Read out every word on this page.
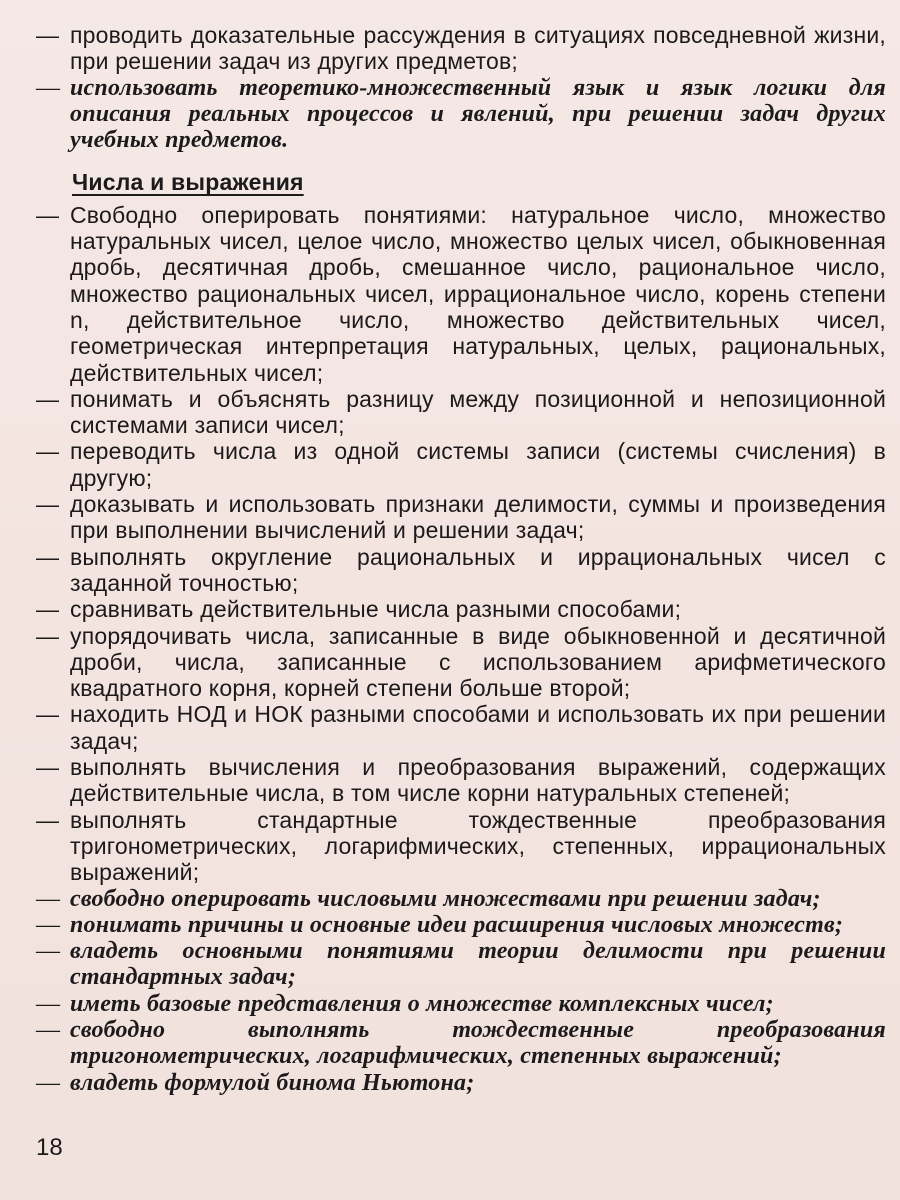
— проводить доказательные рассуждения в ситуациях повседневной жизни, при решении задач из других предметов;

— использовать теоретико-множественный язык и язык логики для описания реальных процессов и явлений, при решении задач других учебных предметов.

Числа и выражения

— Свободно оперировать понятиями: натуральное число, множество натуральных чисел, целое число, множество целых чисел, обыкновенная дробь, десятичная дробь, смешанное число, рациональное число, множество рациональных чисел, иррациональное число, корень степени n, действительное число, множество действительных чисел, геометрическая интерпретация натуральных, целых, рациональных, действительных чисел;

— понимать и объяснять разницу между позиционной и непозиционной системами записи чисел;

— переводить числа из одной системы записи (системы счисления) в другую;

— доказывать и использовать признаки делимости, суммы и произведения при выполнении вычислений и решении задач;

— выполнять округление рациональных и иррациональных чисел с заданной точностью;

— сравнивать действительные числа разными способами;

— упорядочивать числа, записанные в виде обыкновенной и десятичной дроби, числа, записанные с использованием арифметического квадратного корня, корней степени больше второй;

— находить НОД и НОК разными способами и использовать их при решении задач;

— выполнять вычисления и преобразования выражений, содержащих действительные числа, в том числе корни натуральных степеней;

— выполнять стандартные тождественные преобразования тригонометрических, логарифмических, степенных, иррациональных выражений;

— свободно оперировать числовыми множествами при решении задач;

— понимать причины и основные идеи расширения числовых множеств;

— владеть основными понятиями теории делимости при решении стандартных задач;

— иметь базовые представления о множестве комплексных чисел;

— свободно выполнять тождественные преобразования тригонометрических, логарифмических, степенных выражений;

— владеть формулой бинома Ньютона;

18
